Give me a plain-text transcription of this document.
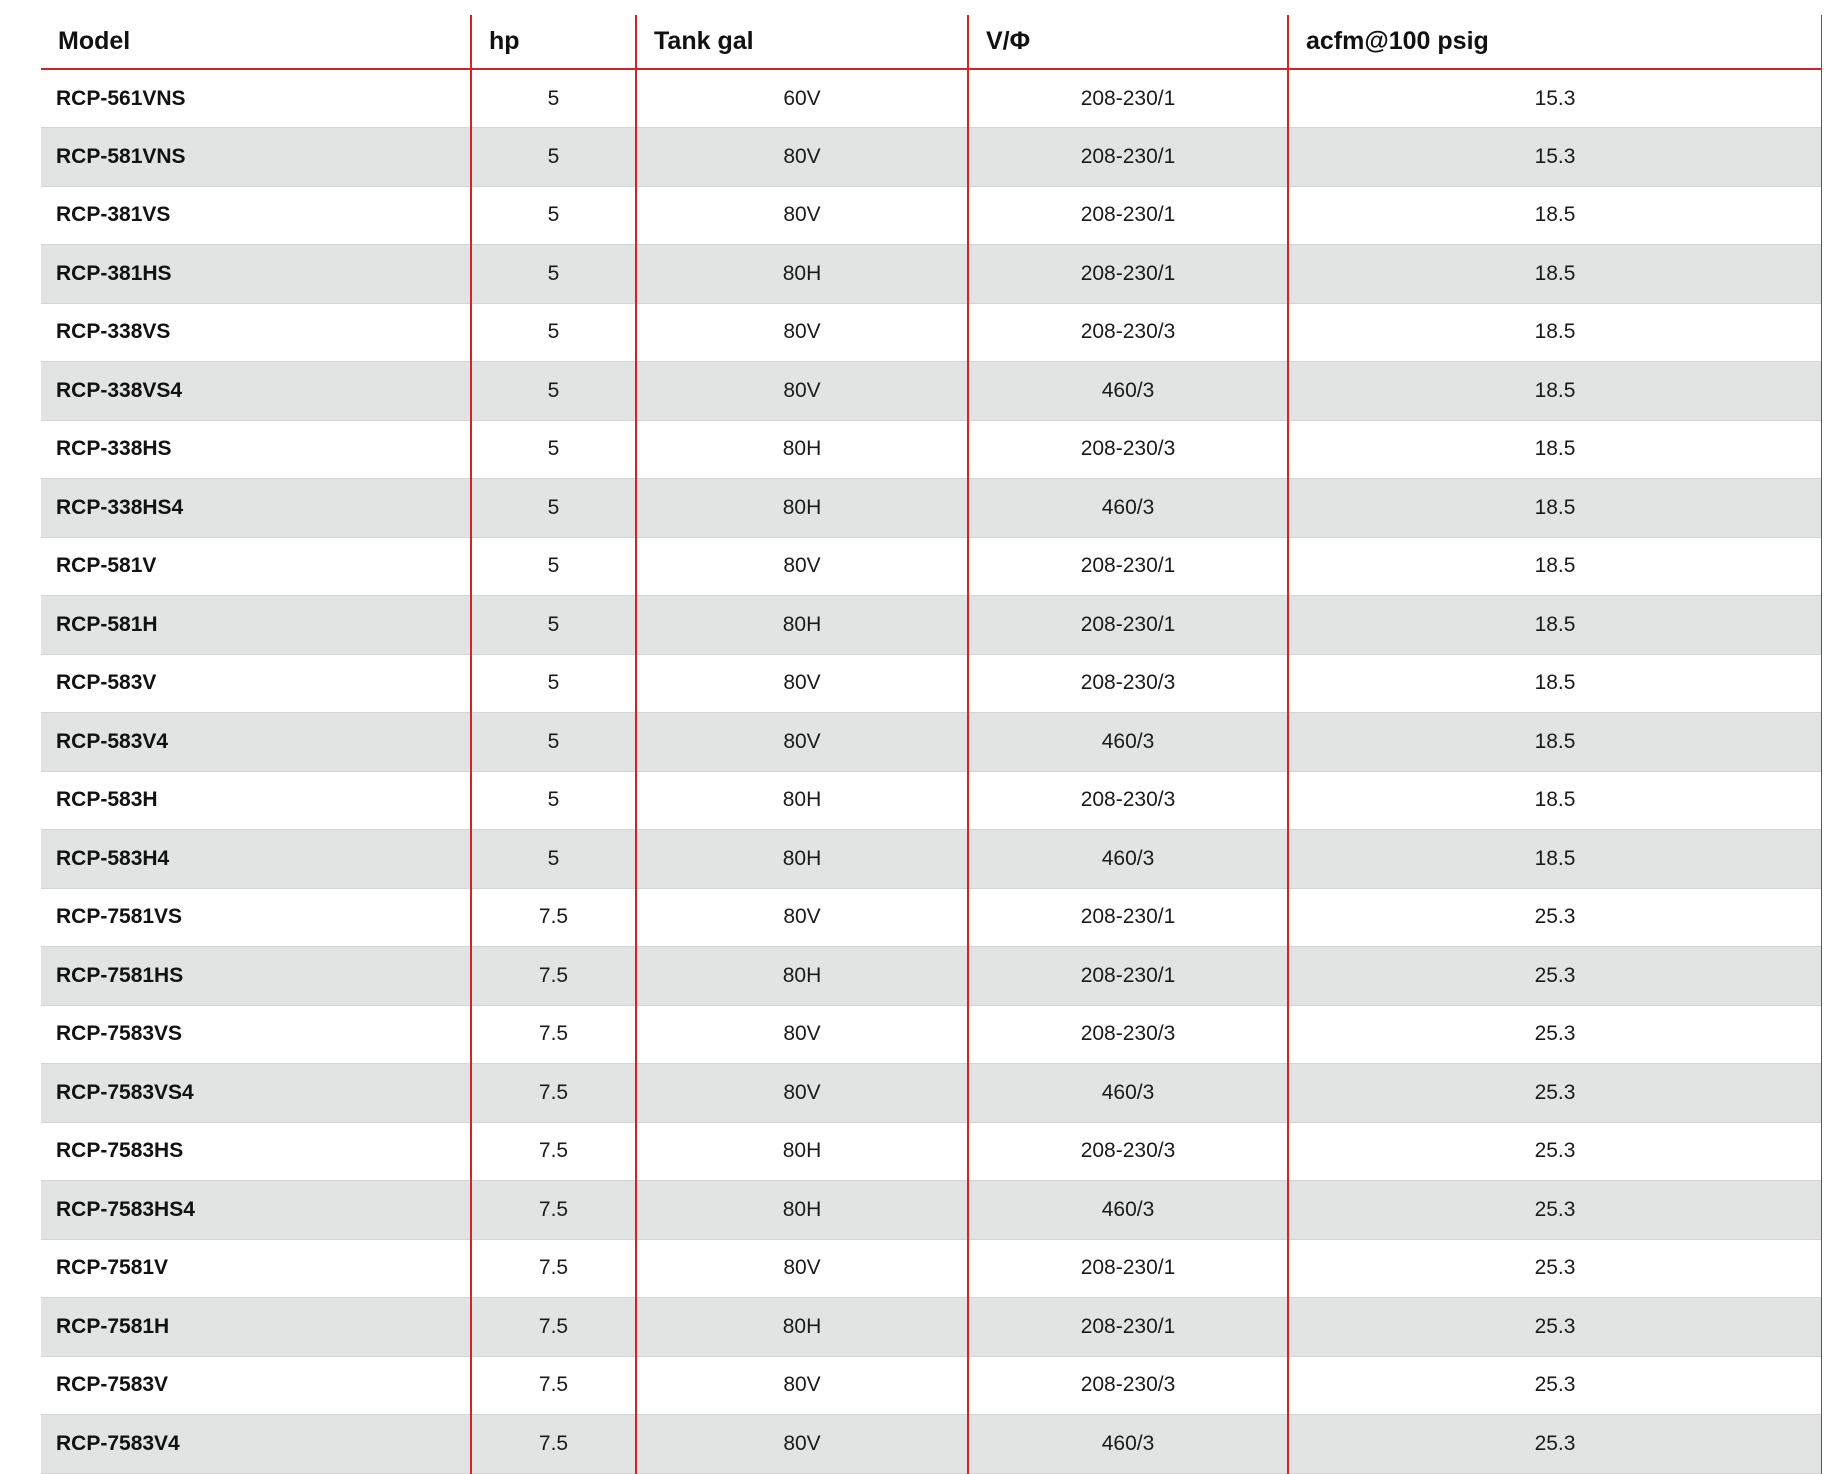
Model	hp	Tank gal	V/Φ	acfm@100 psig
RCP-561VNS	5	60V	208-230/1	15.3
RCP-581VNS	5	80V	208-230/1	15.3
RCP-381VS	5	80V	208-230/1	18.5
RCP-381HS	5	80H	208-230/1	18.5
RCP-338VS	5	80V	208-230/3	18.5
RCP-338VS4	5	80V	460/3	18.5
RCP-338HS	5	80H	208-230/3	18.5
RCP-338HS4	5	80H	460/3	18.5
RCP-581V	5	80V	208-230/1	18.5
RCP-581H	5	80H	208-230/1	18.5
RCP-583V	5	80V	208-230/3	18.5
RCP-583V4	5	80V	460/3	18.5
RCP-583H	5	80H	208-230/3	18.5
RCP-583H4	5	80H	460/3	18.5
RCP-7581VS	7.5	80V	208-230/1	25.3
RCP-7581HS	7.5	80H	208-230/1	25.3
RCP-7583VS	7.5	80V	208-230/3	25.3
RCP-7583VS4	7.5	80V	460/3	25.3
RCP-7583HS	7.5	80H	208-230/3	25.3
RCP-7583HS4	7.5	80H	460/3	25.3
RCP-7581V	7.5	80V	208-230/1	25.3
RCP-7581H	7.5	80H	208-230/1	25.3
RCP-7583V	7.5	80V	208-230/3	25.3
RCP-7583V4	7.5	80V	460/3	25.3
